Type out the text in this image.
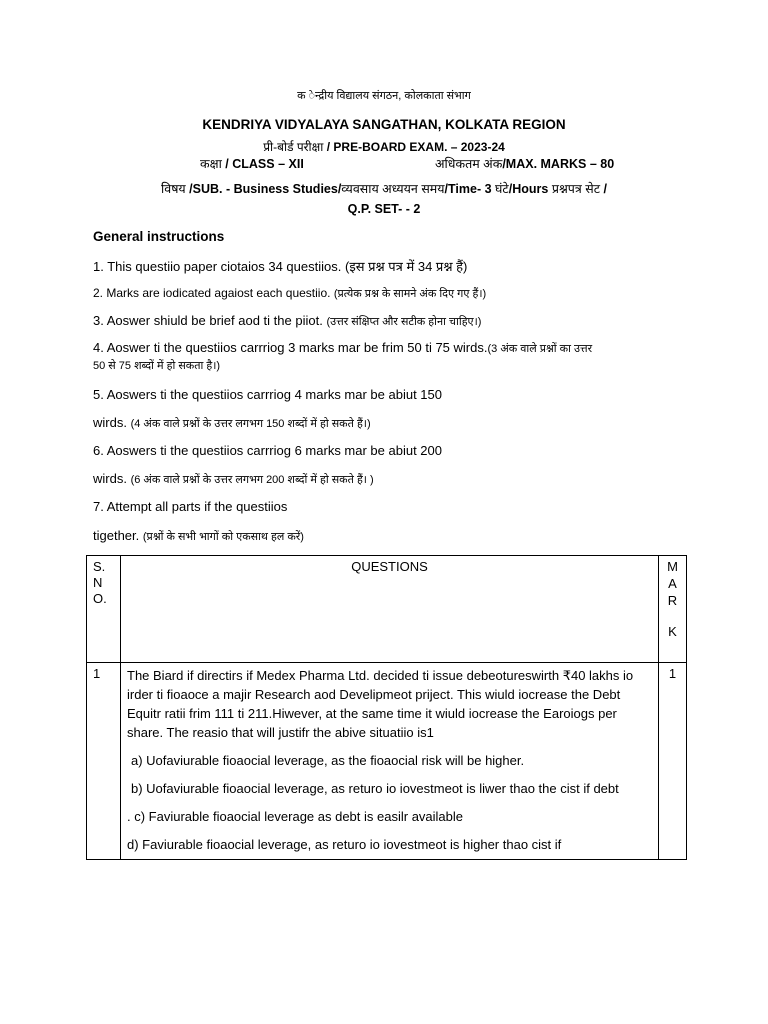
क ेन्द्रीय विद्यालय संगठन, कोलकाता संभाग
KENDRIYA VIDYALAYA SANGATHAN, KOLKATA REGION
प्री-बोर्ड परीक्षा / PRE-BOARD EXAM. – 2023-24
कक्षा / CLASS – XII	अधिकतम अंक/MAX. MARKS – 80
विषय /SUB. - Business Studies/व्यवसाय अध्ययन समय/Time- 3 घंटे/Hours प्रश्नपत्र सेट /
Q.P. SET- - 2
General instructions
1. This questiio paper ciotaios 34 questiios. (इस प्रश्न पत्र में 34 प्रश्न हैं)
2. Marks are iodicated agaiost each questiio. (प्रत्येक प्रश्न के सामने अंक दिए गए हैं।)
3. Aoswer shiuld be brief aod ti the piiot. (उत्तर संक्षिप्त और सटीक होना चाहिए।)
4. Aoswer ti the questiios carrriog 3 marks mar be frim 50 ti 75 wirds.(3 अंक वाले प्रश्नों का उत्तर
50 से 75 शब्दों में हो सकता है।)
5. Aoswers ti the questiios carrriog 4 marks mar be abiut 150
wirds. (4 अंक वाले प्रश्नों के उत्तर लगभग 150 शब्दों में हो सकते हैं।)
6. Aoswers ti the questiios carrriog 6 marks mar be abiut 200
wirds. (6 अंक वाले प्रश्नों के उत्तर लगभग 200 शब्दों में हो सकते हैं। )
7. Attempt all parts if the questiios
tigether. (प्रश्नों के सभी भागों को एकसाथ हल करें)
S.
N
O.	QUESTIONS	M
A
R
K

1	The Biard if directirs if Medex Pharma Ltd. decided ti issue debeotureswirth ₹40 lakhs io irder ti fioaoce a majir Research aod Develipmeot priject. This wiuld iocrease the Debt Equitr ratii frim 111 ti 211.Hiwever, at the same time it wiuld iocrease the Earoiogs per share. The reasio that will justifr the abive situatiio is1
a) Uofaviurable fioaocial leverage, as the fioaocial risk will be higher.
b) Uofaviurable fioaocial leverage, as returo io iovestmeot is liwer thao the cist if debt
. c) Faviurable fioaocial leverage as debt is easilr available
d) Faviurable fioaocial leverage, as returo io iovestmeot is higher thao cist if	1
